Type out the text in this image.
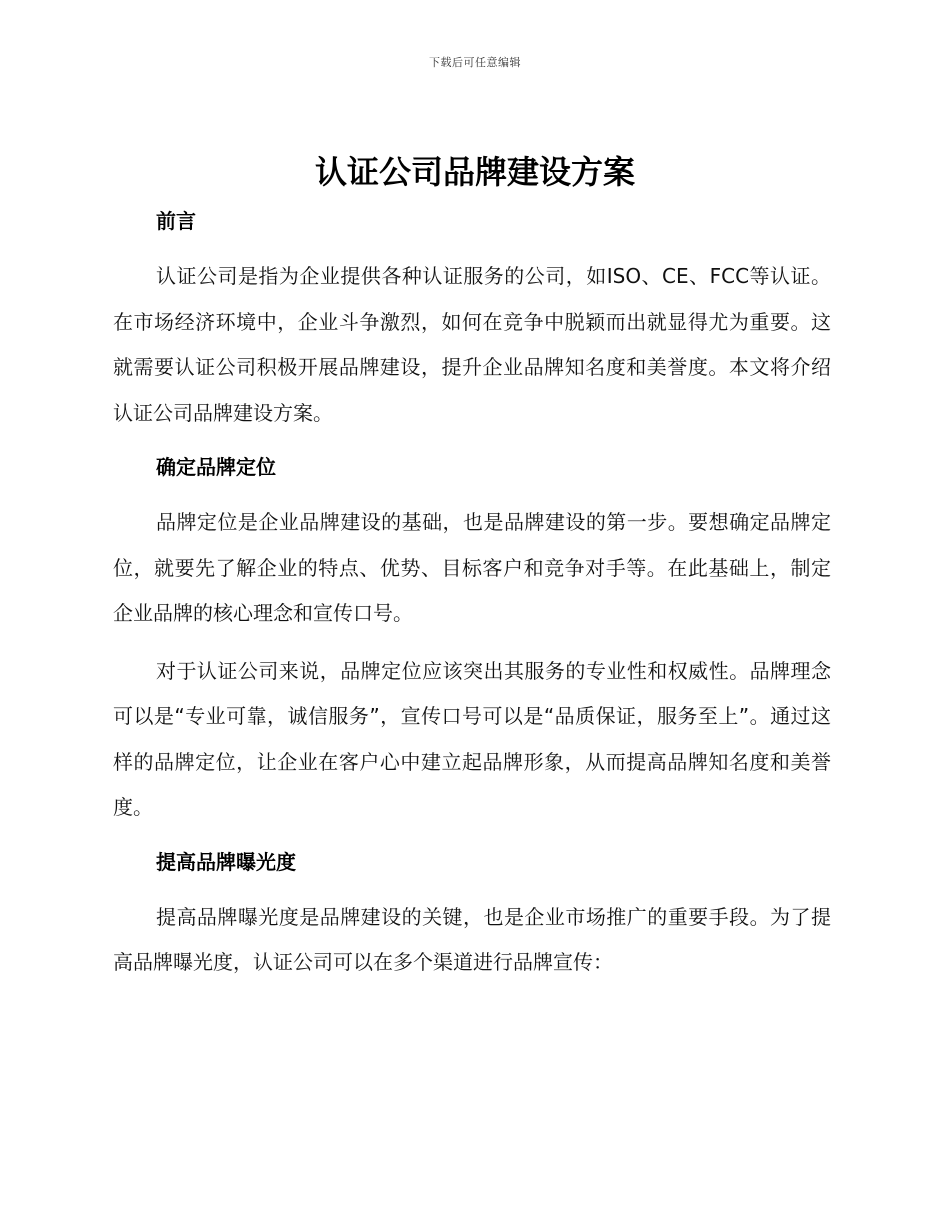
下载后可任意编辑
认证公司品牌建设方案
前言

认证公司是指为企业提供各种认证服务的公司，如ISO、CE、FCC等认证。在市场经济环境中，企业斗争激烈，如何在竞争中脱颖而出就显得尤为重要。这就需要认证公司积极开展品牌建设，提升企业品牌知名度和美誉度。本文将介绍认证公司品牌建设方案。

确定品牌定位

品牌定位是企业品牌建设的基础，也是品牌建设的第一步。要想确定品牌定位，就要先了解企业的特点、优势、目标客户和竞争对手等。在此基础上，制定企业品牌的核心理念和宣传口号。

对于认证公司来说，品牌定位应该突出其服务的专业性和权威性。品牌理念可以是“专业可靠，诚信服务”，宣传口号可以是“品质保证，服务至上”。通过这样的品牌定位，让企业在客户心中建立起品牌形象，从而提高品牌知名度和美誉度。

提高品牌曝光度

提高品牌曝光度是品牌建设的关键，也是企业市场推广的重要手段。为了提高品牌曝光度，认证公司可以在多个渠道进行品牌宣传：
